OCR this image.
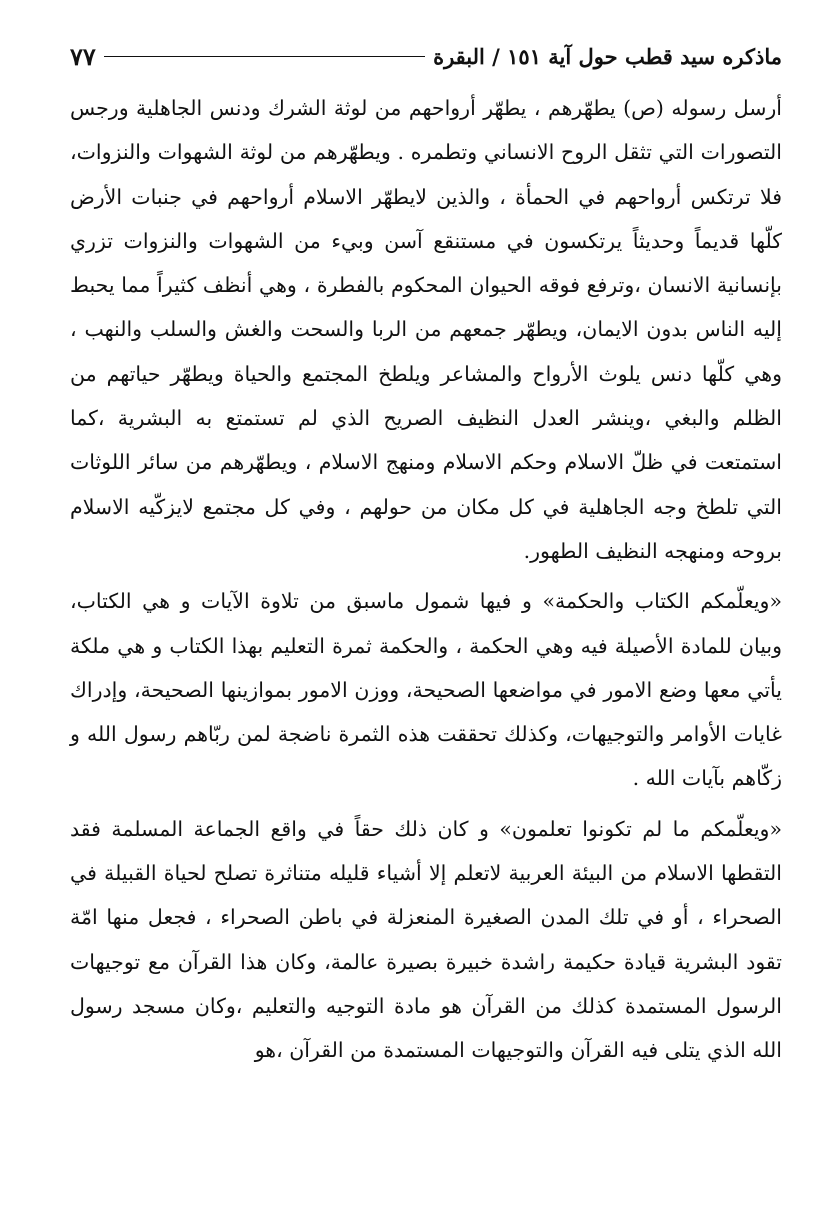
ماذكره سيد قطب حول آية ١٥١ / البقرة
٧٧

أرسل رسوله (ص) يطهّرهم ، يطهّر أرواحهم من لوثة الشرك ودنس الجاهلية ورجس التصورات التي تثقل الروح الانساني وتطمره . ويطهّرهم من لوثة الشهوات والنزوات، فلا ترتكس أرواحهم في الحمأة ، والذين لايطهّر الاسلام أرواحهم في جنبات الأرض كلّها قديماً وحديثاً يرتكسون في مستنقع آسن وبيء من الشهوات والنزوات تزري بإنسانية الانسان ،وترفع فوقه الحيوان المحكوم بالفطرة ، وهي أنظف كثيراً مما يحبط إليه الناس بدون الايمان، ويطهّر جمعهم من الربا والسحت والغش والسلب والنهب ، وهي كلّها دنس يلوث الأرواح والمشاعر ويلطخ المجتمع والحياة ويطهّر حياتهم من الظلم والبغي ،وينشر العدل النظيف الصريح الذي لم تستمتع به البشرية ،كما استمتعت في ظلّ الاسلام وحكم الاسلام ومنهج الاسلام ، ويطهّرهم من سائر اللوثات التي تلطخ وجه الجاهلية في كل مكان من حولهم ، وفي كل مجتمع لايزكّيه الاسلام بروحه ومنهجه النظيف الطهور.

«ويعلّمكم الكتاب والحكمة» و فيها شمول ماسبق من تلاوة الآيات و هي الكتاب، وبيان للمادة الأصيلة فيه وهي الحكمة ، والحكمة ثمرة التعليم بهذا الكتاب و هي ملكة يأتي معها وضع الامور في مواضعها الصحيحة، ووزن الامور بموازينها الصحيحة، وإدراك غايات الأوامر والتوجيهات، وكذلك تحققت هذه الثمرة ناضجة لمن ربّاهم رسول الله و زكّاهم بآيات الله .

«ويعلّمكم ما لم تكونوا تعلمون» و كان ذلك حقاً في واقع الجماعة المسلمة فقد التقطها الاسلام من البيئة العربية لاتعلم إلا أشياء قليله متناثرة تصلح لحياة القبيلة في الصحراء ، أو في تلك المدن الصغيرة المنعزلة في باطن الصحراء ، فجعل منها امّة تقود البشرية قيادة حكيمة راشدة خبيرة بصيرة عالمة، وكان هذا القرآن مع توجيهات الرسول المستمدة كذلك من القرآن هو مادة التوجيه والتعليم ،وكان مسجد رسول الله الذي يتلى فيه القرآن والتوجيهات المستمدة من القرآن ،هو
